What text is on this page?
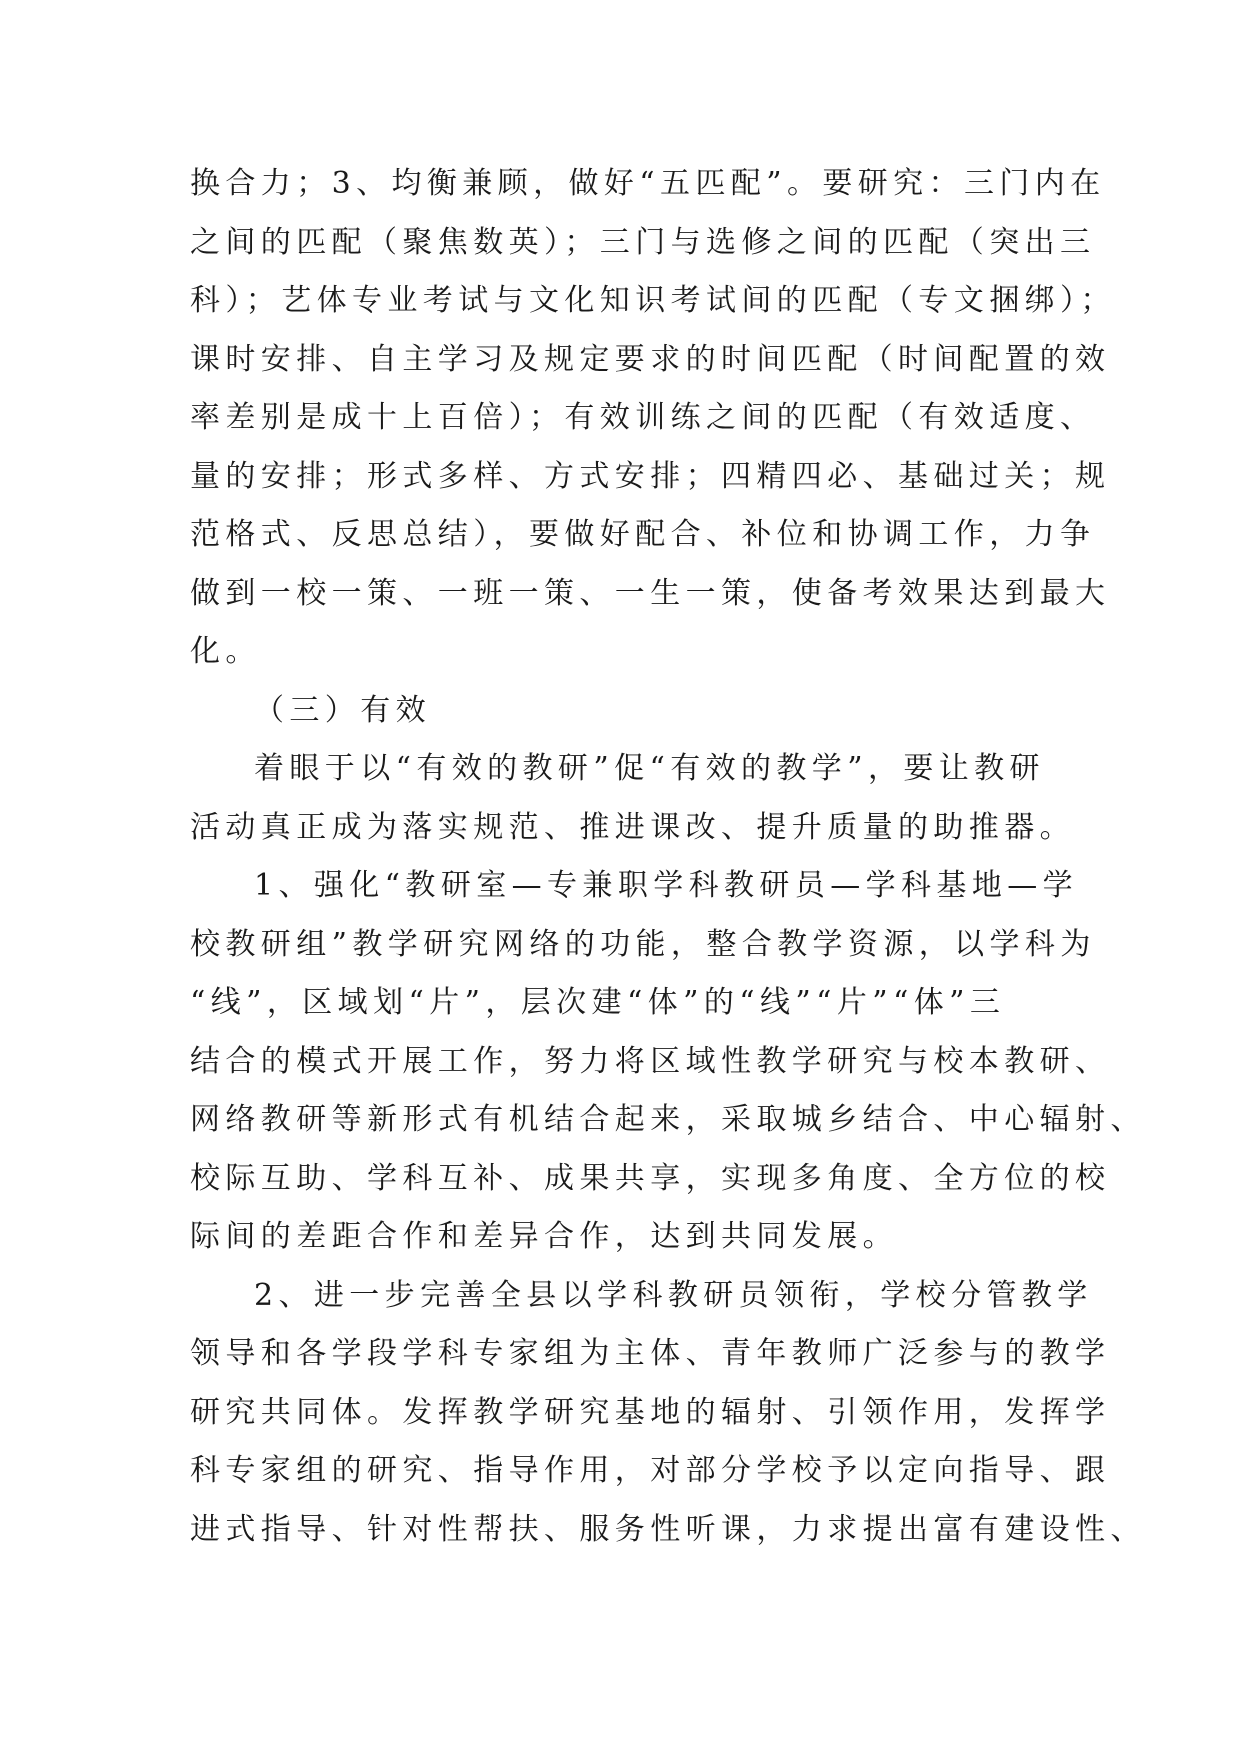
换合力；3、均衡兼顾，做好“五匹配”。要研究：三门内在
之间的匹配（聚焦数英）；三门与选修之间的匹配（突出三
科）；艺体专业考试与文化知识考试间的匹配（专文捆绑）；
课时安排、自主学习及规定要求的时间匹配（时间配置的效
率差别是成十上百倍）；有效训练之间的匹配（有效适度、
量的安排；形式多样、方式安排；四精四必、基础过关；规
范格式、反思总结），要做好配合、补位和协调工作，力争
做到一校一策、一班一策、一生一策，使备考效果达到最大
化。
（三）有效
着眼于以“有效的教研”促“有效的教学”，要让教研
活动真正成为落实规范、推进课改、提升质量的助推器。
1、强化“教研室—专兼职学科教研员—学科基地—学
校教研组”教学研究网络的功能，整合教学资源，以学科为
“线”，区域划“片”，层次建“体”的“线”“片”“体”三
结合的模式开展工作，努力将区域性教学研究与校本教研、
网络教研等新形式有机结合起来，采取城乡结合、中心辐射、
校际互助、学科互补、成果共享，实现多角度、全方位的校
际间的差距合作和差异合作，达到共同发展。
2、进一步完善全县以学科教研员领衔，学校分管教学
领导和各学段学科专家组为主体、青年教师广泛参与的教学
研究共同体。发挥教学研究基地的辐射、引领作用，发挥学
科专家组的研究、指导作用，对部分学校予以定向指导、跟
进式指导、针对性帮扶、服务性听课，力求提出富有建设性、
